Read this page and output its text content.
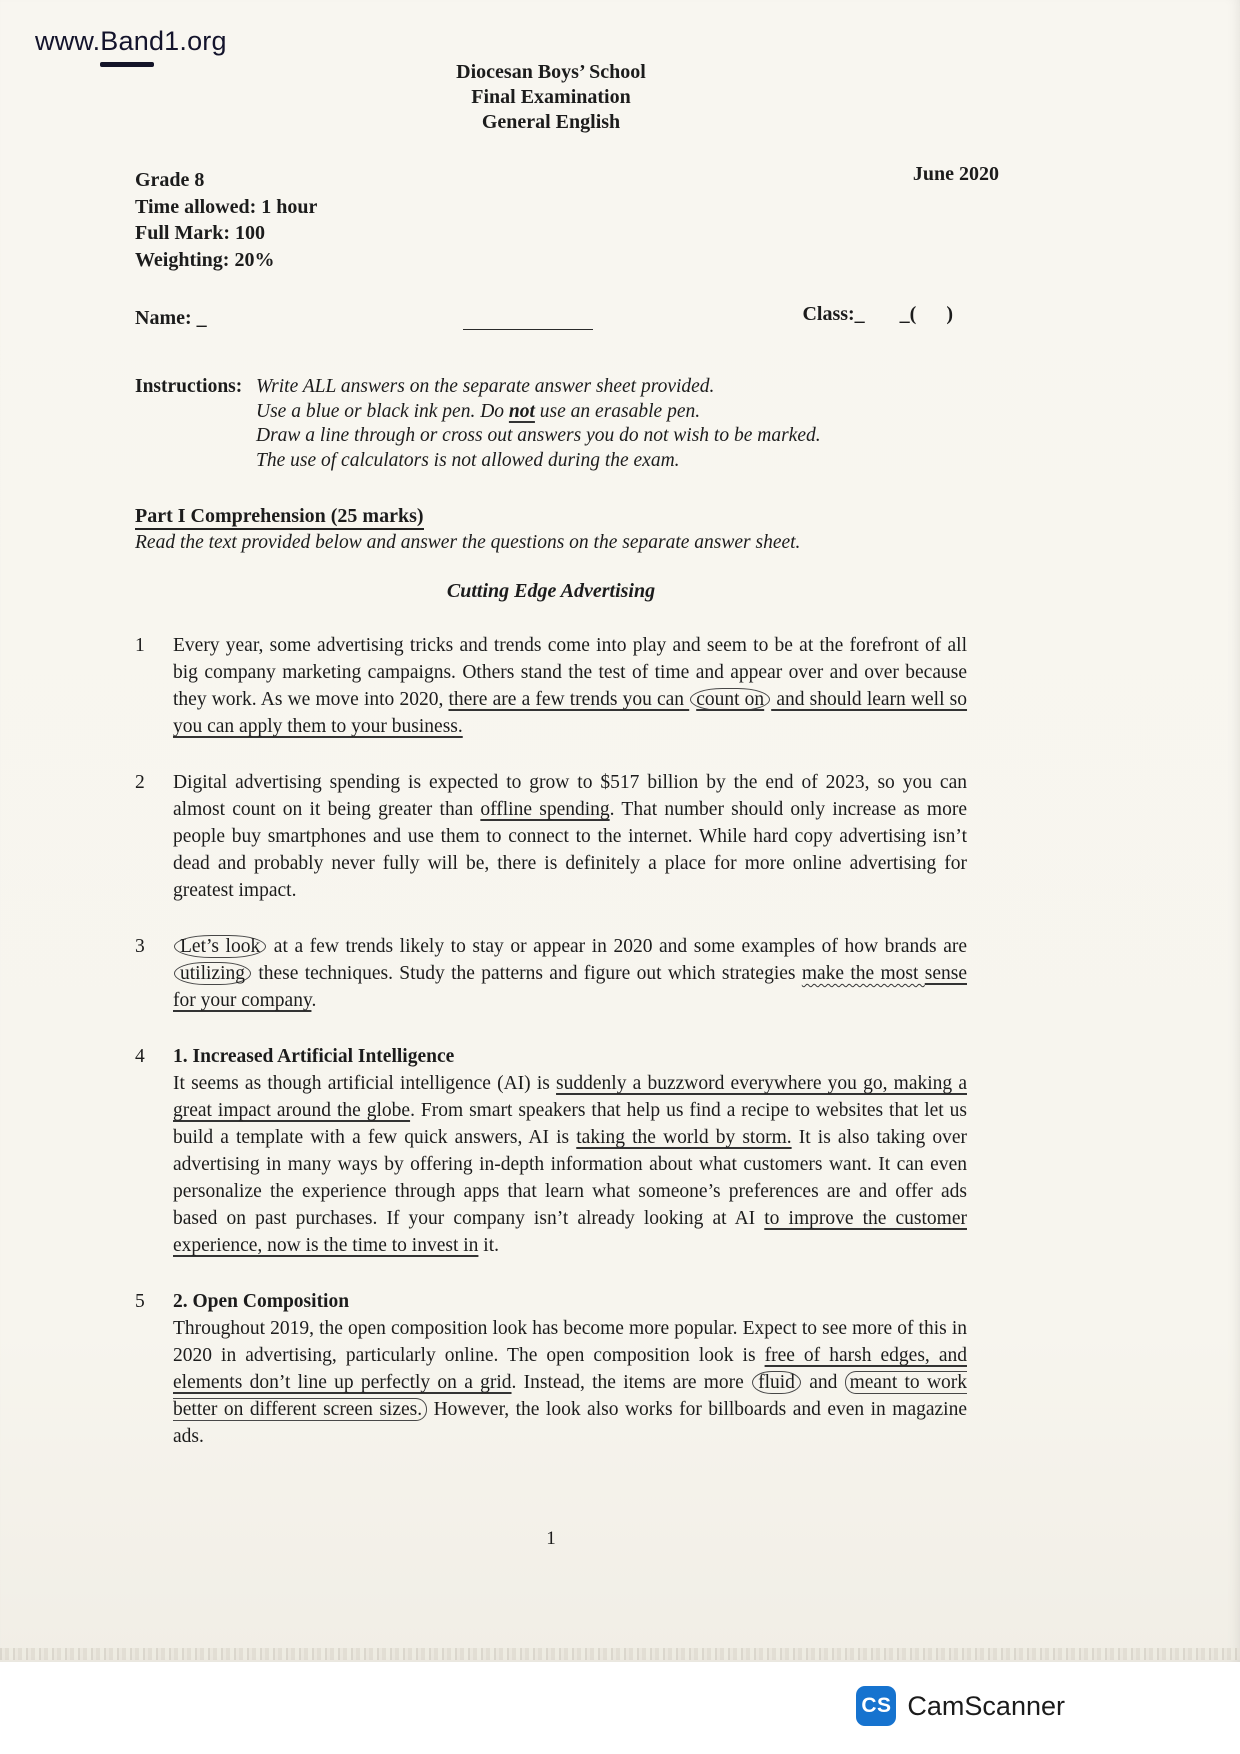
www.Band1.org
Diocesan Boys’ School
Final Examination
General English
Grade 8
Time allowed: 1 hour
Full Mark: 100
Weighting: 20%
June 2020
Name: _	Class:_ _(      )
Instructions: Write ALL answers on the separate answer sheet provided.
Use a blue or black ink pen. Do not use an erasable pen.
Draw a line through or cross out answers you do not wish to be marked.
The use of calculators is not allowed during the exam.
Part I Comprehension (25 marks)
Read the text provided below and answer the questions on the separate answer sheet.
Cutting Edge Advertising
1	Every year, some advertising tricks and trends come into play and seem to be at the forefront of all big company marketing campaigns. Others stand the test of time and appear over and over because they work. As we move into 2020, there are a few trends you can count on and should learn well so you can apply them to your business.
2	Digital advertising spending is expected to grow to $517 billion by the end of 2023, so you can almost count on it being greater than offline spending. That number should only increase as more people buy smartphones and use them to connect to the internet. While hard copy advertising isn’t dead and probably never fully will be, there is definitely a place for more online advertising for greatest impact.
3	Let’s look at a few trends likely to stay or appear in 2020 and some examples of how brands are utilizing these techniques. Study the patterns and figure out which strategies make the most sense for your company.
4	1. Increased Artificial Intelligence
It seems as though artificial intelligence (AI) is suddenly a buzzword everywhere you go, making a great impact around the globe. From smart speakers that help us find a recipe to websites that let us build a template with a few quick answers, AI is taking the world by storm. It is also taking over advertising in many ways by offering in-depth information about what customers want. It can even personalize the experience through apps that learn what someone’s preferences are and offer ads based on past purchases. If your company isn’t already looking at AI to improve the customer experience, now is the time to invest in it.
5	2. Open Composition
Throughout 2019, the open composition look has become more popular. Expect to see more of this in 2020 in advertising, particularly online. The open composition look is free of harsh edges, and elements don’t line up perfectly on a grid. Instead, the items are more fluid and meant to work better on different screen sizes. However, the look also works for billboards and even in magazine ads.
1
CS CamScanner
